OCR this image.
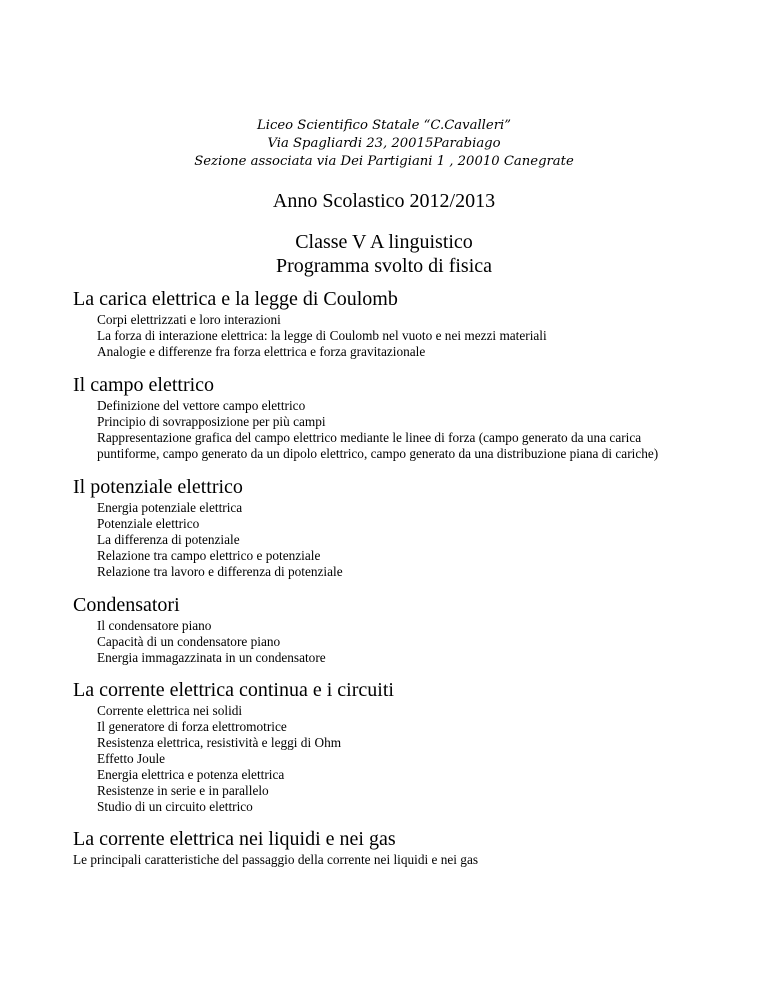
Liceo Scientifico Statale “C.Cavalleri”
Via Spagliardi 23, 20015Parabiago
Sezione associata via Dei Partigiani 1 , 20010 Canegrate
Anno Scolastico 2012/2013
Classe V A linguistico
Programma svolto di fisica
La carica elettrica e la legge di Coulomb
Corpi elettrizzati e loro interazioni
La forza di interazione elettrica: la legge di Coulomb nel vuoto e nei mezzi materiali
Analogie e differenze fra forza elettrica e forza gravitazionale
Il campo elettrico
Definizione del vettore campo elettrico
Principio di sovrapposizione per più campi
Rappresentazione grafica del campo elettrico mediante le linee di forza (campo generato da una carica puntiforme, campo generato da un dipolo elettrico, campo generato da una distribuzione piana di cariche)
Il potenziale elettrico
Energia potenziale elettrica
Potenziale elettrico
La differenza di potenziale
Relazione tra campo elettrico e potenziale
Relazione tra lavoro e differenza di potenziale
Condensatori
Il condensatore piano
Capacità di un condensatore piano
Energia immagazzinata in un condensatore
La corrente elettrica continua e i circuiti
Corrente elettrica nei solidi
Il generatore di forza elettromotrice
Resistenza elettrica, resistività e leggi di Ohm
Effetto Joule
Energia elettrica e potenza elettrica
Resistenze in serie e in parallelo
Studio di un circuito elettrico
La corrente elettrica nei liquidi e nei gas
Le principali caratteristiche del passaggio della corrente nei liquidi e nei gas
